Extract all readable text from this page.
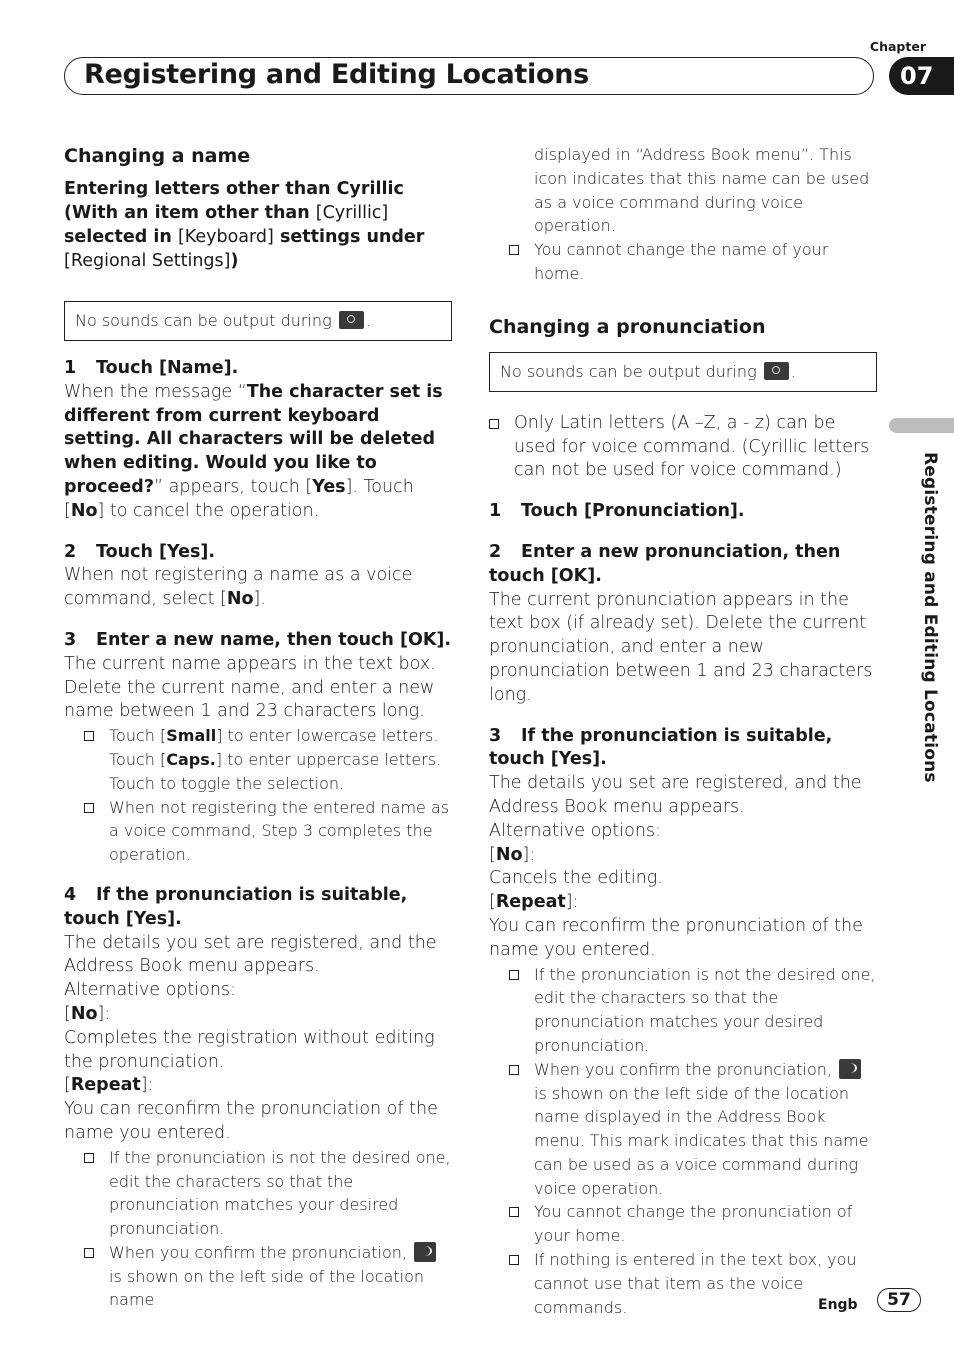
Registering and Editing Locations
Chapter
07
Registering and Editing Locations

Changing a name

Entering letters other than Cyrillic (With an item other than [Cyrillic] selected in [Keyboard] settings under [Regional Settings])

No sounds can be output during .

1 Touch [Name].

When the message “The character set is different from current keyboard setting. All characters will be deleted when editing. Would you like to proceed?” appears, touch [Yes]. Touch [No] to cancel the operation.

2 Touch [Yes].

When not registering a name as a voice command, select [No].

3 Enter a new name, then touch [OK].

The current name appears in the text box. Delete the current name, and enter a new name between 1 and 23 characters long.

Touch [Small] to enter lowercase letters. Touch [Caps.] to enter uppercase letters. Touch to toggle the selection.
When not registering the entered name as a voice command, Step 3 completes the operation.

4 If the pronunciation is suitable, touch [Yes].

The details you set are registered, and the Address Book menu appears.

Alternative options:

[No]:

Completes the registration without editing the pronunciation.

[Repeat]:

You can reconfirm the pronunciation of the name you entered.

If the pronunciation is not the desired one, edit the characters so that the pronunciation matches your desired pronunciation.
When you confirm the pronunciation,  is shown on the left side of the location name
displayed in “Address Book menu”. This icon indicates that this name can be used as a voice command during voice operation.
You cannot change the name of your home.

Changing a pronunciation

No sounds can be output during .
Only Latin letters (A –Z, a - z) can be used for voice command. (Cyrillic letters can not be used for voice command.)

1 Touch [Pronunciation].

2 Enter a new pronunciation, then touch [OK].

The current pronunciation appears in the text box (if already set). Delete the current pronunciation, and enter a new pronunciation between 1 and 23 characters long.

3 If the pronunciation is suitable, touch [Yes].

The details you set are registered, and the Address Book menu appears.

Alternative options:

[No]:

Cancels the editing.

[Repeat]:

You can reconfirm the pronunciation of the name you entered.

If the pronunciation is not the desired one, edit the characters so that the pronunciation matches your desired pronunciation.
When you confirm the pronunciation,  is shown on the left side of the location name displayed in the Address Book menu. This mark indicates that this name can be used as a voice command during voice operation.
You cannot change the pronunciation of your home.
If nothing is entered in the text box, you cannot use that item as the voice commands.	Engb	57
